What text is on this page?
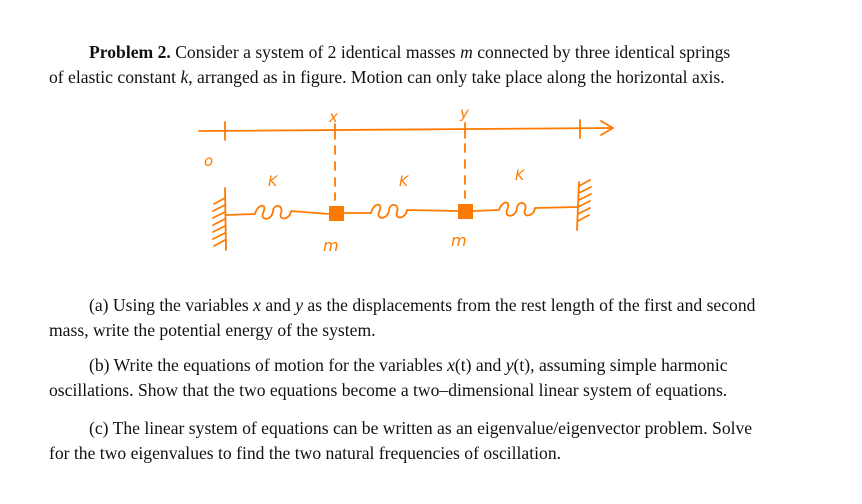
Problem 2. Consider a system of 2 identical masses m connected by three identical springs
of elastic constant k, arranged as in figure. Motion can only take place along the horizontal axis.
x	y
o
K	K	K
m	m
(a) Using the variables x and y as the displacements from the rest length of the first and second
mass, write the potential energy of the system.
(b) Write the equations of motion for the variables x(t) and y(t), assuming simple harmonic
oscillations. Show that the two equations become a two–dimensional linear system of equations.
(c) The linear system of equations can be written as an eigenvalue/eigenvector problem. Solve
for the two eigenvalues to find the two natural frequencies of oscillation.
